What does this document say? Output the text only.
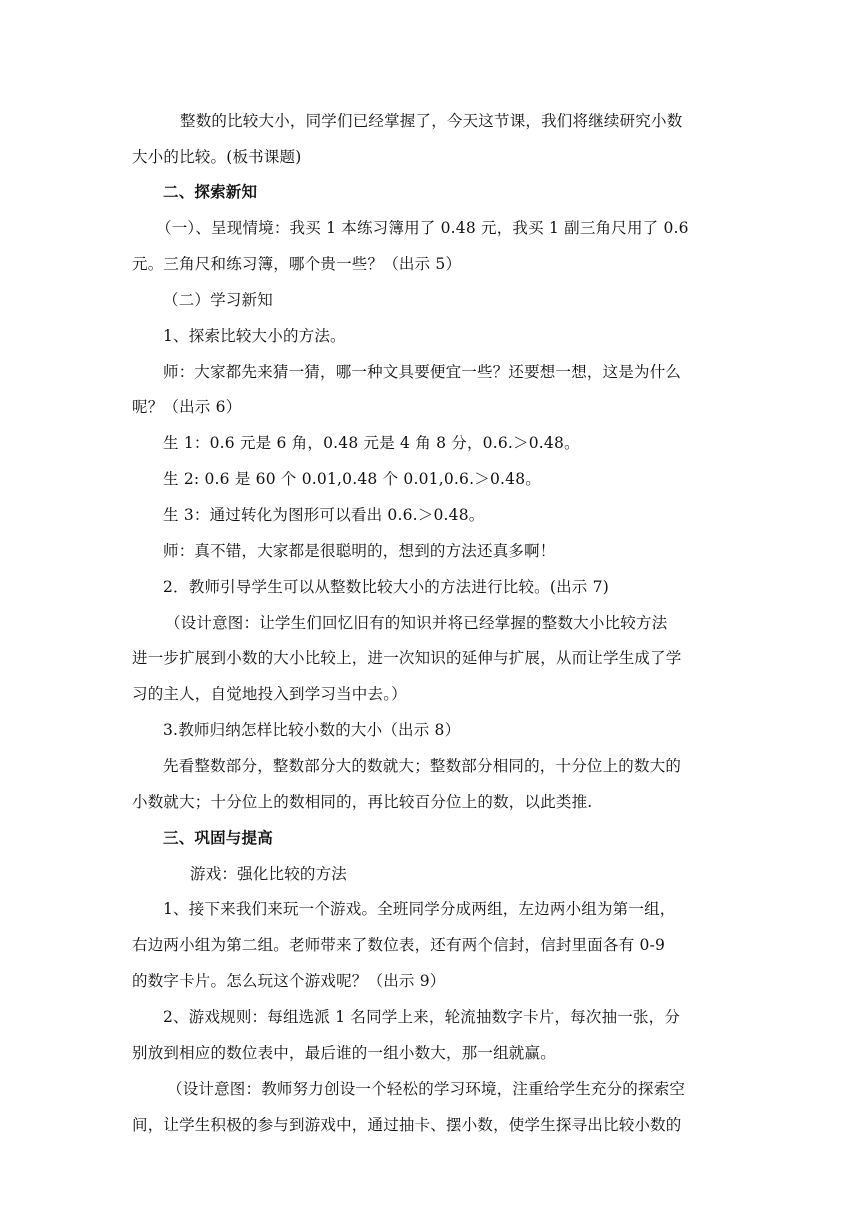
整数的比较大小，同学们已经掌握了，今天这节课，我们将继续研究小数
大小的比较。(板书课题)
二、探索新知
（一）、呈现情境：我买 1 本练习簿用了 0.48 元，我买 1 副三角尺用了 0.6
元。三角尺和练习簿，哪个贵一些？（出示 5）
（二）学习新知
1、探索比较大小的方法。
师：大家都先来猜一猜，哪一种文具要便宜一些？还要想一想，这是为什么
呢？（出示 6）
生 1：0.6 元是 6 角，0.48 元是 4 角 8 分，0.6.＞0.48。
生 2: 0.6 是 60 个 0.01,0.48 个 0.01,0.6.＞0.48。
生 3：通过转化为图形可以看出 0.6.＞0.48。
师：真不错，大家都是很聪明的，想到的方法还真多啊！
2．教师引导学生可以从整数比较大小的方法进行比较。(出示 7)
（设计意图：让学生们回忆旧有的知识并将已经掌握的整数大小比较方法
进一步扩展到小数的大小比较上，进一次知识的延伸与扩展，从而让学生成了学
习的主人，自觉地投入到学习当中去。）
3.教师归纳怎样比较小数的大小（出示 8）
先看整数部分，整数部分大的数就大；整数部分相同的，十分位上的数大的
小数就大；十分位上的数相同的，再比较百分位上的数，以此类推.
三、巩固与提高
游戏：强化比较的方法
1、接下来我们来玩一个游戏。全班同学分成两组，左边两小组为第一组，
右边两小组为第二组。老师带来了数位表，还有两个信封，信封里面各有 0-9
的数字卡片。怎么玩这个游戏呢？（出示 9）
2、游戏规则：每组选派 1 名同学上来，轮流抽数字卡片，每次抽一张，分
别放到相应的数位表中，最后谁的一组小数大，那一组就赢。
（设计意图：教师努力创设一个轻松的学习环境，注重给学生充分的探索空
间，让学生积极的参与到游戏中，通过抽卡、摆小数，使学生探寻出比较小数的
